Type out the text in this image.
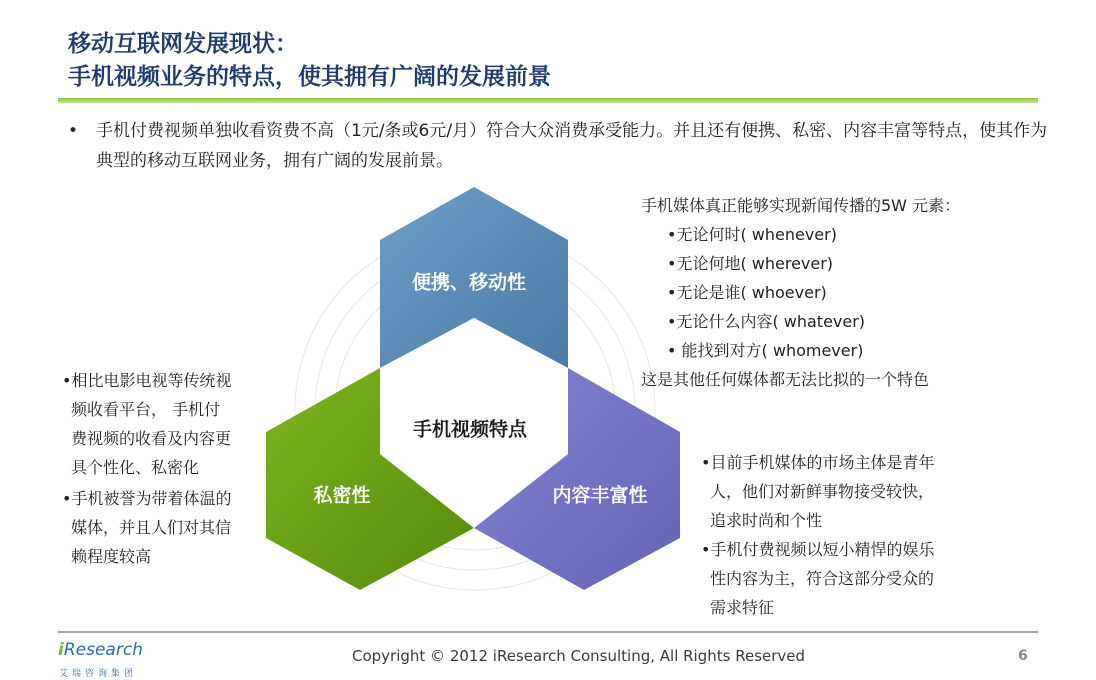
移动互联网发展现状：
手机视频业务的特点，使其拥有广阔的发展前景
• 手机付费视频单独收看资费不高（1元/条或6元/月）符合大众消费承受能力。并且还有便携、私密、内容丰富等特点，使其作为典型的移动互联网业务，拥有广阔的发展前景。
便携、移动性
私密性	内容丰富性
手机视频特点
手机媒体真正能够实现新闻传播的5W 元素：
•无论何时( whenever)
•无论何地( wherever)
•无论是谁( whoever)
•无论什么内容( whatever)
• 能找到对方( whomever)
这是其他任何媒体都无法比拟的一个特色
•相比电影电视等传统视
频收看平台， 手机付
费视频的收看及内容更
具个性化、私密化
•手机被誉为带着体温的
媒体，并且人们对其信
赖程度较高
•目前手机媒体的市场主体是青年
人，他们对新鲜事物接受较快，
追求时尚和个性
•手机付费视频以短小精悍的娱乐
性内容为主，符合这部分受众的
需求特征
iResearch
艾瑞咨询集团
Copyright © 2012 iResearch Consulting, All Rights Reserved	6
